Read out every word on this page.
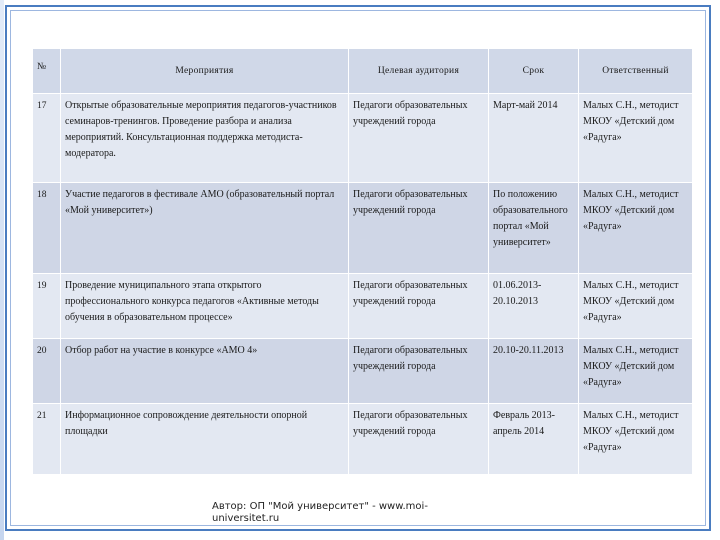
№	Мероприятия	Целевая аудитория	Срок	Ответственный
17	Открытые образовательные мероприятия педагогов-участников семинаров-тренингов. Проведение разбора и анализа мероприятий. Консультационная поддержка методиста-модератора.	Педагоги образовательных учреждений города	Март-май 2014	Малых С.Н., методист МКОУ «Детский дом «Радуга»
18	Участие педагогов в фестивале АМО (образовательный портал «Мой университет»)	Педагоги образовательных учреждений города	По положению образовательного портал «Мой университет»	Малых С.Н., методист МКОУ «Детский дом «Радуга»
19	Проведение муниципального этапа открытого профессионального конкурса педагогов «Активные методы обучения в образовательном процессе»	Педагоги образовательных учреждений города	01.06.2013-20.10.2013	Малых С.Н., методист МКОУ «Детский дом «Радуга»
20	Отбор работ на участие в конкурсе «АМО 4»	Педагоги образовательных учреждений города	20.10-20.11.2013	Малых С.Н., методист МКОУ «Детский дом «Радуга»
21	Информационное сопровождение деятельности опорной площадки	Педагоги образовательных учреждений города	Февраль 2013-апрель 2014	Малых С.Н., методист МКОУ «Детский дом «Радуга»
Автор: ОП "Мой университет" - www.moi-universitet.ru
